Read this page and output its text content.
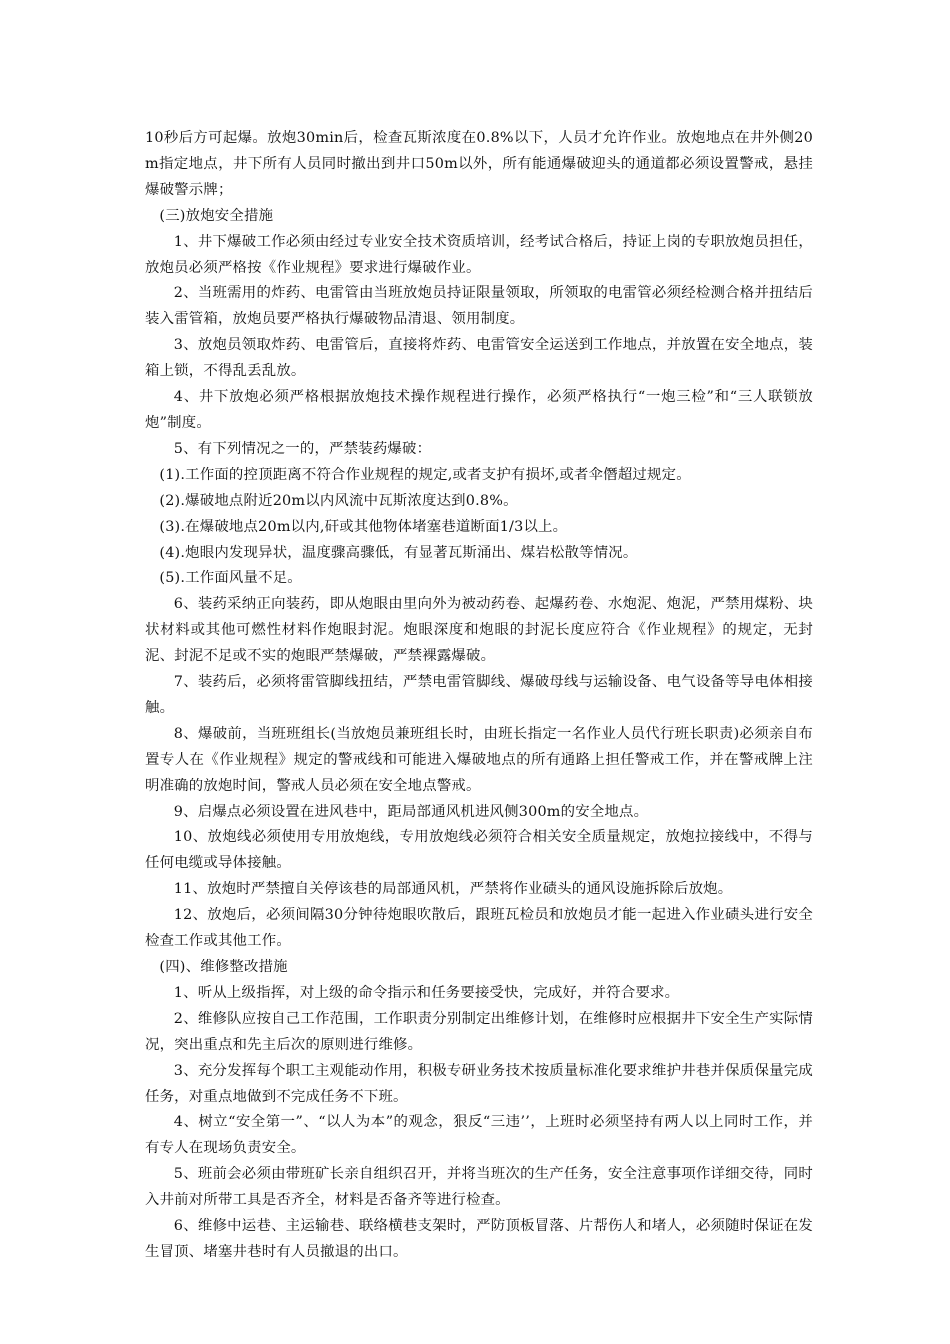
10秒后方可起爆。放炮30min后，检查瓦斯浓度在0.8%以下，人员才允许作业。放炮地点在井外侧20m指定地点，井下所有人员同时撤出到井口50m以外，所有能通爆破迎头的通道都必须设置警戒，悬挂爆破警示牌；

(三)放炮安全措施

1、井下爆破工作必须由经过专业安全技术资质培训，经考试合格后，持证上岗的专职放炮员担任，放炮员必须严格按《作业规程》要求进行爆破作业。

2、当班需用的炸药、电雷管由当班放炮员持证限量领取，所领取的电雷管必须经检测合格并扭结后装入雷管箱，放炮员要严格执行爆破物品清退、领用制度。

3、放炮员领取炸药、电雷管后，直接将炸药、电雷管安全运送到工作地点，并放置在安全地点，装箱上锁，不得乱丢乱放。

4、井下放炮必须严格根据放炮技术操作规程进行操作，必须严格执行“一炮三检”和“三人联锁放炮”制度。

5、有下列情况之一的，严禁装药爆破：

(1).工作面的控顶距离不符合作业规程的规定,或者支护有损坏,或者伞僭超过规定。

(2).爆破地点附近20m以内风流中瓦斯浓度达到0.8%。

(3).在爆破地点20m以内,矸或其他物体堵塞巷道断面1/3以上。

(4).炮眼内发现异状，温度骤高骤低，有显著瓦斯涌出、煤岩松散等情况。

(5).工作面风量不足。

6、装药采纳正向装药，即从炮眼由里向外为被动药卷、起爆药卷、水炮泥、炮泥，严禁用煤粉、块状材料或其他可燃性材料作炮眼封泥。炮眼深度和炮眼的封泥长度应符合《作业规程》的规定，无封泥、封泥不足或不实的炮眼严禁爆破，严禁裸露爆破。

7、装药后，必须将雷管脚线扭结，严禁电雷管脚线、爆破母线与运输设备、电气设备等导电体相接触。

8、爆破前，当班班组长(当放炮员兼班组长时，由班长指定一名作业人员代行班长职责)必须亲自布置专人在《作业规程》规定的警戒线和可能进入爆破地点的所有通路上担任警戒工作，并在警戒牌上注明准确的放炮时间，警戒人员必须在安全地点警戒。

9、启爆点必须设置在进风巷中，距局部通风机进风侧300m的安全地点。

10、放炮线必须使用专用放炮线，专用放炮线必须符合相关安全质量规定，放炮拉接线中，不得与任何电缆或导体接触。

11、放炮时严禁擅自关停该巷的局部通风机，严禁将作业碛头的通风设施拆除后放炮。

12、放炮后，必须间隔30分钟待炮眼吹散后，跟班瓦检员和放炮员才能一起进入作业碛头进行安全检查工作或其他工作。

(四)、维修整改措施

1、听从上级指挥，对上级的命令指示和任务要接受快，完成好，并符合要求。

2、维修队应按自己工作范围，工作职责分别制定出维修计划，在维修时应根据井下安全生产实际情况，突出重点和先主后次的原则进行维修。

3、充分发挥每个职工主观能动作用，积极专研业务技术按质量标准化要求维护井巷并保质保量完成任务，对重点地做到不完成任务不下班。

4、树立“安全第一”、“以人为本”的观念，狠反“三违’’，上班时必须坚持有两人以上同时工作，并有专人在现场负责安全。

5、班前会必须由带班矿长亲自组织召开，并将当班次的生产任务，安全注意事项作详细交待，同时入井前对所带工具是否齐全，材料是否备齐等进行检查。

6、维修中运巷、主运输巷、联络横巷支架时，严防顶板冒落、片帮伤人和堵人，必须随时保证在发生冒顶、堵塞井巷时有人员撤退的出口。
